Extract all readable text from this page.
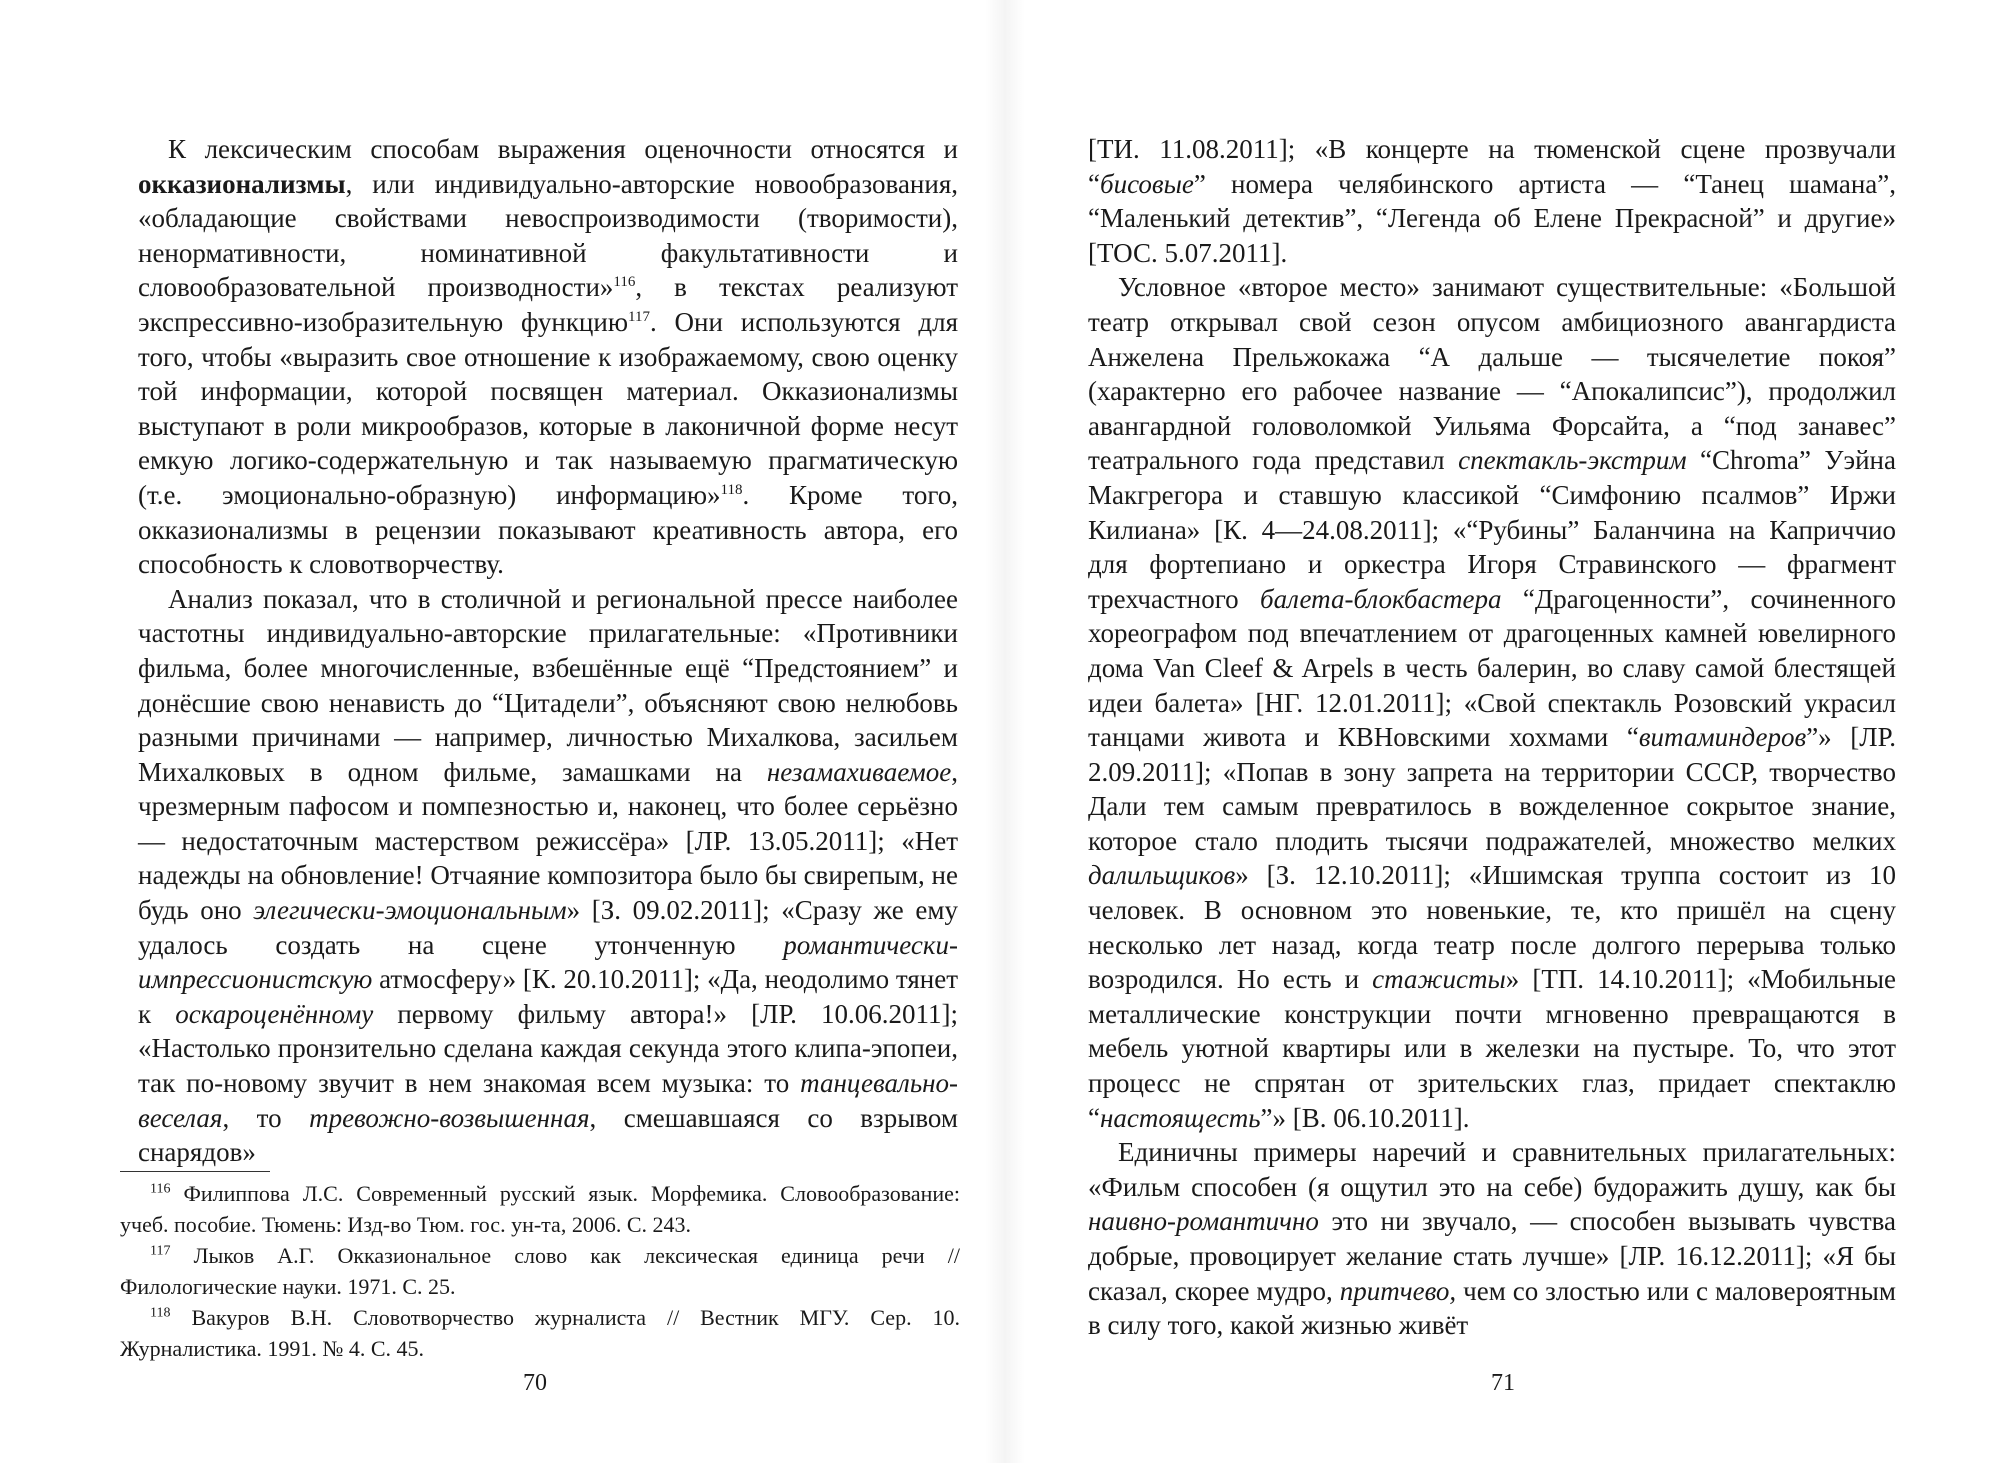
К лексическим способам выражения оценочности относятся и окказионализмы, или индивидуально-авторские новообразования, «обладающие свойствами невоспроизводимости (творимости), ненормативности, номинативной факультативности и словообразовательной производности»$^{116}$, в текстах реализуют экспрессивно-изобразительную функцию$^{117}$. Они используются для того, чтобы «выразить свое отношение к изображаемому, свою оценку той информации, которой посвящен материал. Окказионализмы выступают в роли микрообразов, которые в лаконичной форме несут емкую логико-содержательную и так называемую прагматическую (т.е. эмоционально-образную) информацию»$^{118}$. Кроме того, окказионализмы в рецензии показывают креативность автора, его способность к словотворчеству.

Анализ показал, что в столичной и региональной прессе наиболее частотны индивидуально-авторские прилагательные: «Противники фильма, более многочисленные, взбешённые ещё “Предстоянием” и донёсшие свою ненависть до “Цитадели”, объясняют свою нелюбовь разными причинами — например, личностью Михалкова, засильем Михалковых в одном фильме, замашками на незамахиваемое, чрезмерным пафосом и помпезностью и, наконец, что более серьёзно — недостаточным мастерством режиссёра» [ЛР. 13.05.2011]; «Нет надежды на обновление! Отчаяние композитора было бы свирепым, не будь оно элегически-эмоциональным» [З. 09.02.2011]; «Сразу же ему удалось создать на сцене утонченную романтически-импрессионистскую атмосферу» [К. 20.10.2011]; «Да, неодолимо тянет к оскароценённому первому фильму автора!» [ЛР. 10.06.2011]; «Настолько пронзительно сделана каждая секунда этого клипа-эпопеи, так по-новому звучит в нем знакомая всем музыка: то танцевально-веселая, то тревожно-возвышенная, смешавшаяся со взрывом снарядов»

$^{116}$ Филиппова Л.С. Современный русский язык. Морфемика. Словообразование: учеб. пособие. Тюмень: Изд-во Тюм. гос. ун-та, 2006. С. 243.

$^{117}$ Лыков А.Г. Окказиональное слово как лексическая единица речи // Филологические науки. 1971. С. 25.

$^{118}$ Вакуров В.Н. Словотворчество журналиста // Вестник МГУ. Сер. 10. Журналистика. 1991. № 4. С. 45.

70

[ТИ. 11.08.2011]; «В концерте на тюменской сцене прозвучали “бисовые” номера челябинского артиста — “Танец шамана”, “Маленький детектив”, “Легенда об Елене Прекрасной” и другие» [ТОС. 5.07.2011].

Условное «второе место» занимают существительные: «Большой театр открывал свой сезон опусом амбициозного авангардиста Анжелена Прельжокажа “А дальше — тысячелетие покоя” (характерно его рабочее название — “Апокалипсис”), продолжил авангардной головоломкой Уильяма Форсайта, а “под занавес” театрального года представил спектакль-экстрим “Chroma” Уэйна Макгрегора и ставшую классикой “Симфонию псалмов” Иржи Килиана» [К. 4—24.08.2011]; «“Рубины” Баланчина на Каприччио для фортепиано и оркестра Игоря Стравинского — фрагмент трехчастного балета-блокбастера “Драгоценности”, сочиненного хореографом под впечатлением от драгоценных камней ювелирного дома Van Cleef & Arpels в честь балерин, во славу самой блестящей идеи балета» [НГ. 12.01.2011]; «Свой спектакль Розовский украсил танцами живота и КВНовскими хохмами “витаминдеров”» [ЛР. 2.09.2011]; «Попав в зону запрета на территории СССР, творчество Дали тем самым превратилось в вожделенное сокрытое знание, которое стало плодить тысячи подражателей, множество мелких далильщиков» [З. 12.10.2011]; «Ишимская труппа состоит из 10 человек. В основном это новенькие, те, кто пришёл на сцену несколько лет назад, когда театр после долгого перерыва только возродился. Но есть и стажисты» [ТП. 14.10.2011]; «Мобильные металлические конструкции почти мгновенно превращаются в мебель уютной квартиры или в железки на пустыре. То, что этот процесс не спрятан от зрительских глаз, придает спектаклю “настоящесть”» [В. 06.10.2011].

Единичны примеры наречий и сравнительных прилагательных: «Фильм способен (я ощутил это на себе) будоражить душу, как бы наивно-романтично это ни звучало, — способен вызывать чувства добрые, провоцирует желание стать лучше» [ЛР. 16.12.2011]; «Я бы сказал, скорее мудро, притчево, чем со злостью или с маловероятным в силу того, какой жизнью живёт

71
